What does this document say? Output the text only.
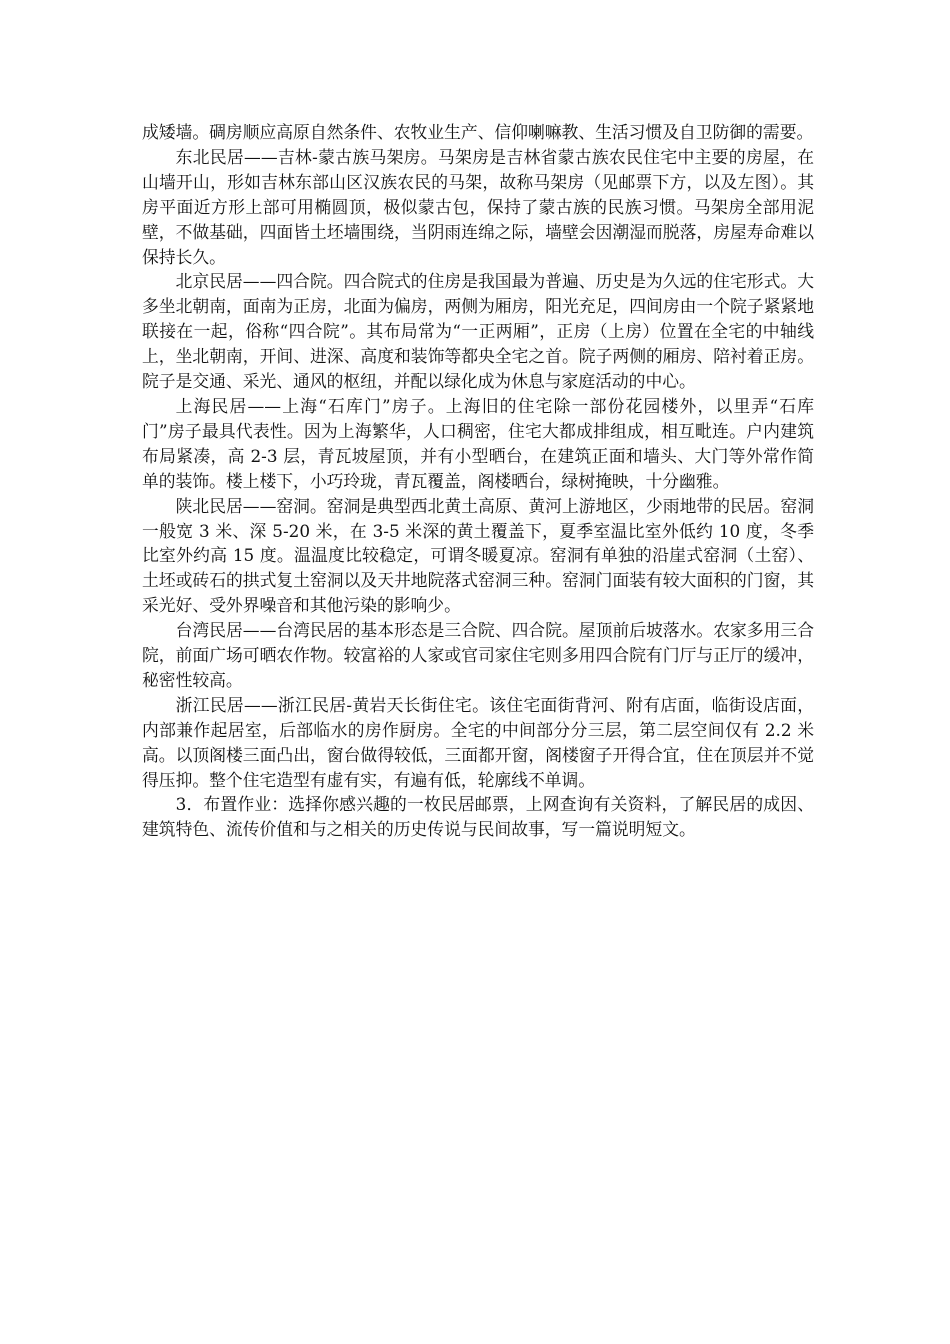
成矮墙。碉房顺应高原自然条件、农牧业生产、信仰喇嘛教、生活习惯及自卫防御的需要。

东北民居——吉林-蒙古族马架房。马架房是吉林省蒙古族农民住宅中主要的房屋，在山墙开山，形如吉林东部山区汉族农民的马架，故称马架房（见邮票下方，以及左图）。其房平面近方形上部可用椭圆顶，极似蒙古包，保持了蒙古族的民族习惯。马架房全部用泥壁，不做基础，四面皆土坯墙围绕，当阴雨连绵之际，墙壁会因潮湿而脱落，房屋寿命难以保持长久。

北京民居——四合院。四合院式的住房是我国最为普遍、历史是为久远的住宅形式。大多坐北朝南，面南为正房，北面为偏房，两侧为厢房，阳光充足，四间房由一个院子紧紧地联接在一起，俗称“四合院”。其布局常为“一正两厢”，正房（上房）位置在全宅的中轴线上，坐北朝南，开间、进深、高度和装饰等都央全宅之首。院子两侧的厢房、陪衬着正房。院子是交通、采光、通风的枢纽，并配以绿化成为休息与家庭活动的中心。

上海民居——上海“石库门”房子。上海旧的住宅除一部份花园楼外，以里弄“石库门”房子最具代表性。因为上海繁华，人口稠密，住宅大都成排组成，相互毗连。户内建筑布局紧凑，高 2-3 层，青瓦坡屋顶，并有小型晒台，在建筑正面和墙头、大门等外常作简单的装饰。楼上楼下，小巧玲珑，青瓦覆盖，阁楼晒台，绿树掩映，十分幽雅。

陕北民居——窑洞。窑洞是典型西北黄土高原、黄河上游地区，少雨地带的民居。窑洞一般宽 3 米、深 5-20 米，在 3-5 米深的黄土覆盖下，夏季室温比室外低约 10 度，冬季比室外约高 15 度。温温度比较稳定，可谓冬暖夏凉。窑洞有单独的沿崖式窑洞（土窑）、土坯或砖石的拱式复土窑洞以及天井地院落式窑洞三种。窑洞门面装有较大面积的门窗，其采光好、受外界噪音和其他污染的影响少。

台湾民居——台湾民居的基本形态是三合院、四合院。屋顶前后坡落水。农家多用三合院，前面广场可晒农作物。较富裕的人家或官司家住宅则多用四合院有门厅与正厅的缓冲，秘密性较高。

浙江民居——浙江民居-黄岩天长街住宅。该住宅面街背河、附有店面，临街设店面，内部兼作起居室，后部临水的房作厨房。全宅的中间部分分三层，第二层空间仅有 2.2 米高。以顶阁楼三面凸出，窗台做得较低，三面都开窗，阁楼窗子开得合宜，住在顶层并不觉得压抑。整个住宅造型有虚有实，有遍有低，轮廓线不单调。

3．布置作业：选择你感兴趣的一枚民居邮票，上网查询有关资料，了解民居的成因、建筑特色、流传价值和与之相关的历史传说与民间故事，写一篇说明短文。
